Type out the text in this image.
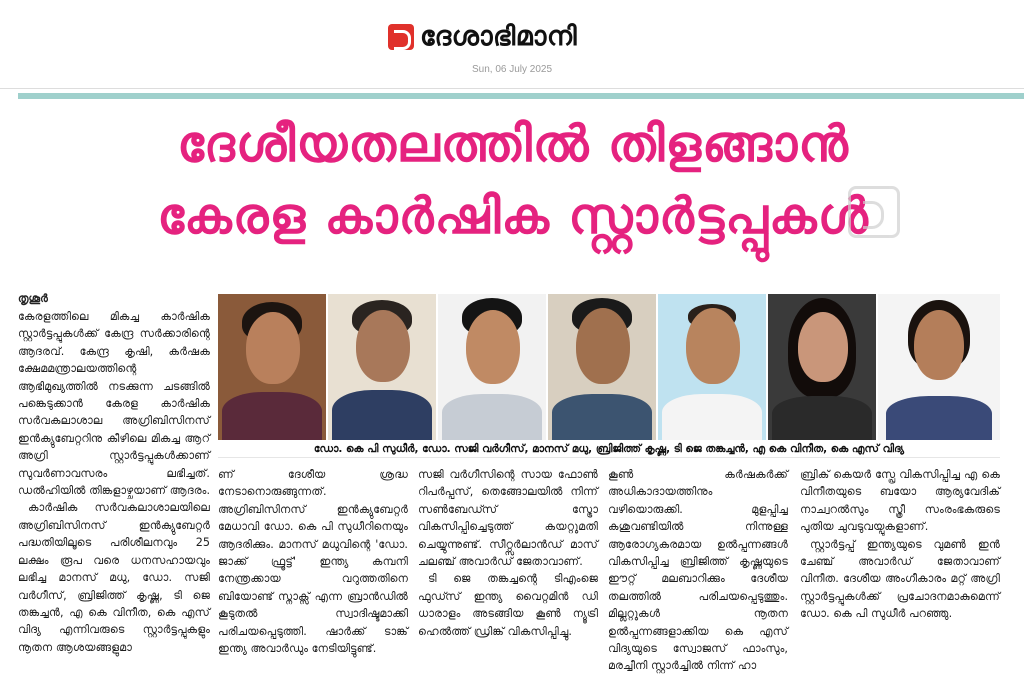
ദേശാഭിമാനി
Sun, 06 July 2025
ദേശീയതലത്തിൽ തിളങ്ങാൻ
കേരള കാർഷിക സ്റ്റാർട്ടപ്പുകൾ
തൃശൂർ

കേരളത്തിലെ മികച്ച കാർഷിക സ്റ്റാർട്ടപ്പുകൾക്ക് കേന്ദ്ര സർക്കാരിന്റെ ആദരവ്. കേന്ദ്ര കൃഷി, കർഷക ക്ഷേമമന്ത്രാലയത്തിന്റെ ആഭിമുഖ്യത്തിൽ നടക്കുന്ന ചടങ്ങിൽ പങ്കെടുക്കാൻ കേരള കാർഷിക സർവകലാശാല അഗ്രിബിസിനസ് ഇൻക്യുബേറ്ററിനു കീഴിലെ മികച്ച ആറ് അഗ്രി സ്റ്റാർട്ടപ്പുകൾക്കാണ് സുവർണാവസരം ലഭിച്ചത്. ഡൽഹിയിൽ തിങ്കളാഴ്ചയാണ് ആദരം.

കാർഷിക സർവകലാശാലയിലെ അഗ്രിബിസിനസ് ഇൻക്യുബേറ്റർ പദ്ധതിയിലൂടെ പരിശീലനവും 25 ലക്ഷം രൂപ വരെ ധനസഹായവും ലഭിച്ച മാനസ് മധു, ഡോ. സജി വർഗീസ്, ബ്രിജിത്ത് കൃഷ്ണ, ടി ജെ തങ്കച്ചൻ, എ കെ വിനീത, കെ എസ് വിദ്യ എന്നിവരുടെ സ്റ്റാർട്ടപ്പുകളും നൂതന ആശയങ്ങളുമാ

ഡോ. കെ പി സുധീർ, ഡോ. സജി വർഗീസ്, മാനസ് മധു, ബ്രിജിത്ത് കൃഷ്ണ, ടി ജെ തങ്കച്ചൻ, എ കെ വിനീത, കെ എസ് വിദ്യ

ണ് ദേശീയ ശ്രദ്ധ നേടാനൊരുങ്ങുന്നത്. അഗ്രിബിസിനസ് ഇൻക്യുബേറ്റർ മേധാവി ഡോ. കെ പി സുധീറിനെയും ആദരിക്കും. മാനസ് മധുവിന്റെ 'ഡോ. ജാക്ക് ഫ്രൂട്ട്' ഇന്ത്യ കമ്പനി നേന്ത്രക്കായ വറുത്തതിനെ ബിയോണ്ട് സ്നാക്സ് എന്ന ബ്രാൻഡിൽ കൂടുതൽ സ്വാദിഷ്ടമാക്കി പരിചയപ്പെടുത്തി. ഷാർക്ക് ടാങ്ക് ഇന്ത്യ അവാർഡും നേടിയിട്ടുണ്ട്.

സജി വർഗീസിന്റെ സായ ഫോൺ റിപർപ്പസ്, തെങ്ങോലയിൽ നിന്ന് സൺബേഡ്സ് സ്ട്രോ വികസിപ്പിച്ചെടുത്ത് കയറ്റുമതി ചെയ്യുന്നുണ്ട്. സീറ്റ്സർലാൻഡ് മാസ് ചലഞ്ച് അവാർഡ് ജേതാവാണ്.

ടി ജെ തങ്കച്ചന്റെ ടിഎംജെ ഫുഡ്സ് ഇന്ത്യ വൈറ്റമിൻ ഡി ധാരാളം അടങ്ങിയ കൂൺ ന്യൂട്രി ഹെൽത്ത് ഡ്രിങ്ക് വികസിപ്പിച്ചു.

കൂൺ കർഷകർക്ക് അധികാദായത്തിനും വഴിയൊരുക്കി. മുളപ്പിച്ച കശുവണ്ടിയിൽ നിന്നുള്ള ആരോഗ്യകരമായ ഉൽപ്പന്നങ്ങൾ വികസിപ്പിച്ച ബ്രിജിത്ത് കൃഷ്ണയുടെ ഈറ്റ് മലബാറിക്കും ദേശീയ തലത്തിൽ പരിചയപ്പെടുത്തും. മില്ലറ്റുകൾ നൂതന ഉൽപ്പന്നങ്ങളാക്കിയ കെ എസ് വിദ്യയുടെ സ്വോജസ് ഫാംസും, മരച്ചീനി സ്റ്റാർച്ചിൽ നിന്ന് ഹാ

ബ്രിക് കെയർ സ്പ്രേ വികസിപ്പിച്ച എ കെ വിനീതയുടെ ബയോ ആര്യവേദിക് നാച്വറൽസും സ്ത്രീ സംരംഭകരുടെ പുതിയ ചുവടുവയ്പുകളാണ്.

സ്റ്റാർട്ടപ്പ് ഇന്ത്യയുടെ വുമൺ ഇൻ ചേഞ്ച് അവാർഡ് ജേതാവാണ് വിനീത. ദേശീയ അംഗീകാരം മറ്റ് അഗ്രി സ്റ്റാർട്ടപ്പുകൾക്ക് പ്രചോദനമാകുമെന്ന് ഡോ. കെ പി സുധീർ പറഞ്ഞു.
